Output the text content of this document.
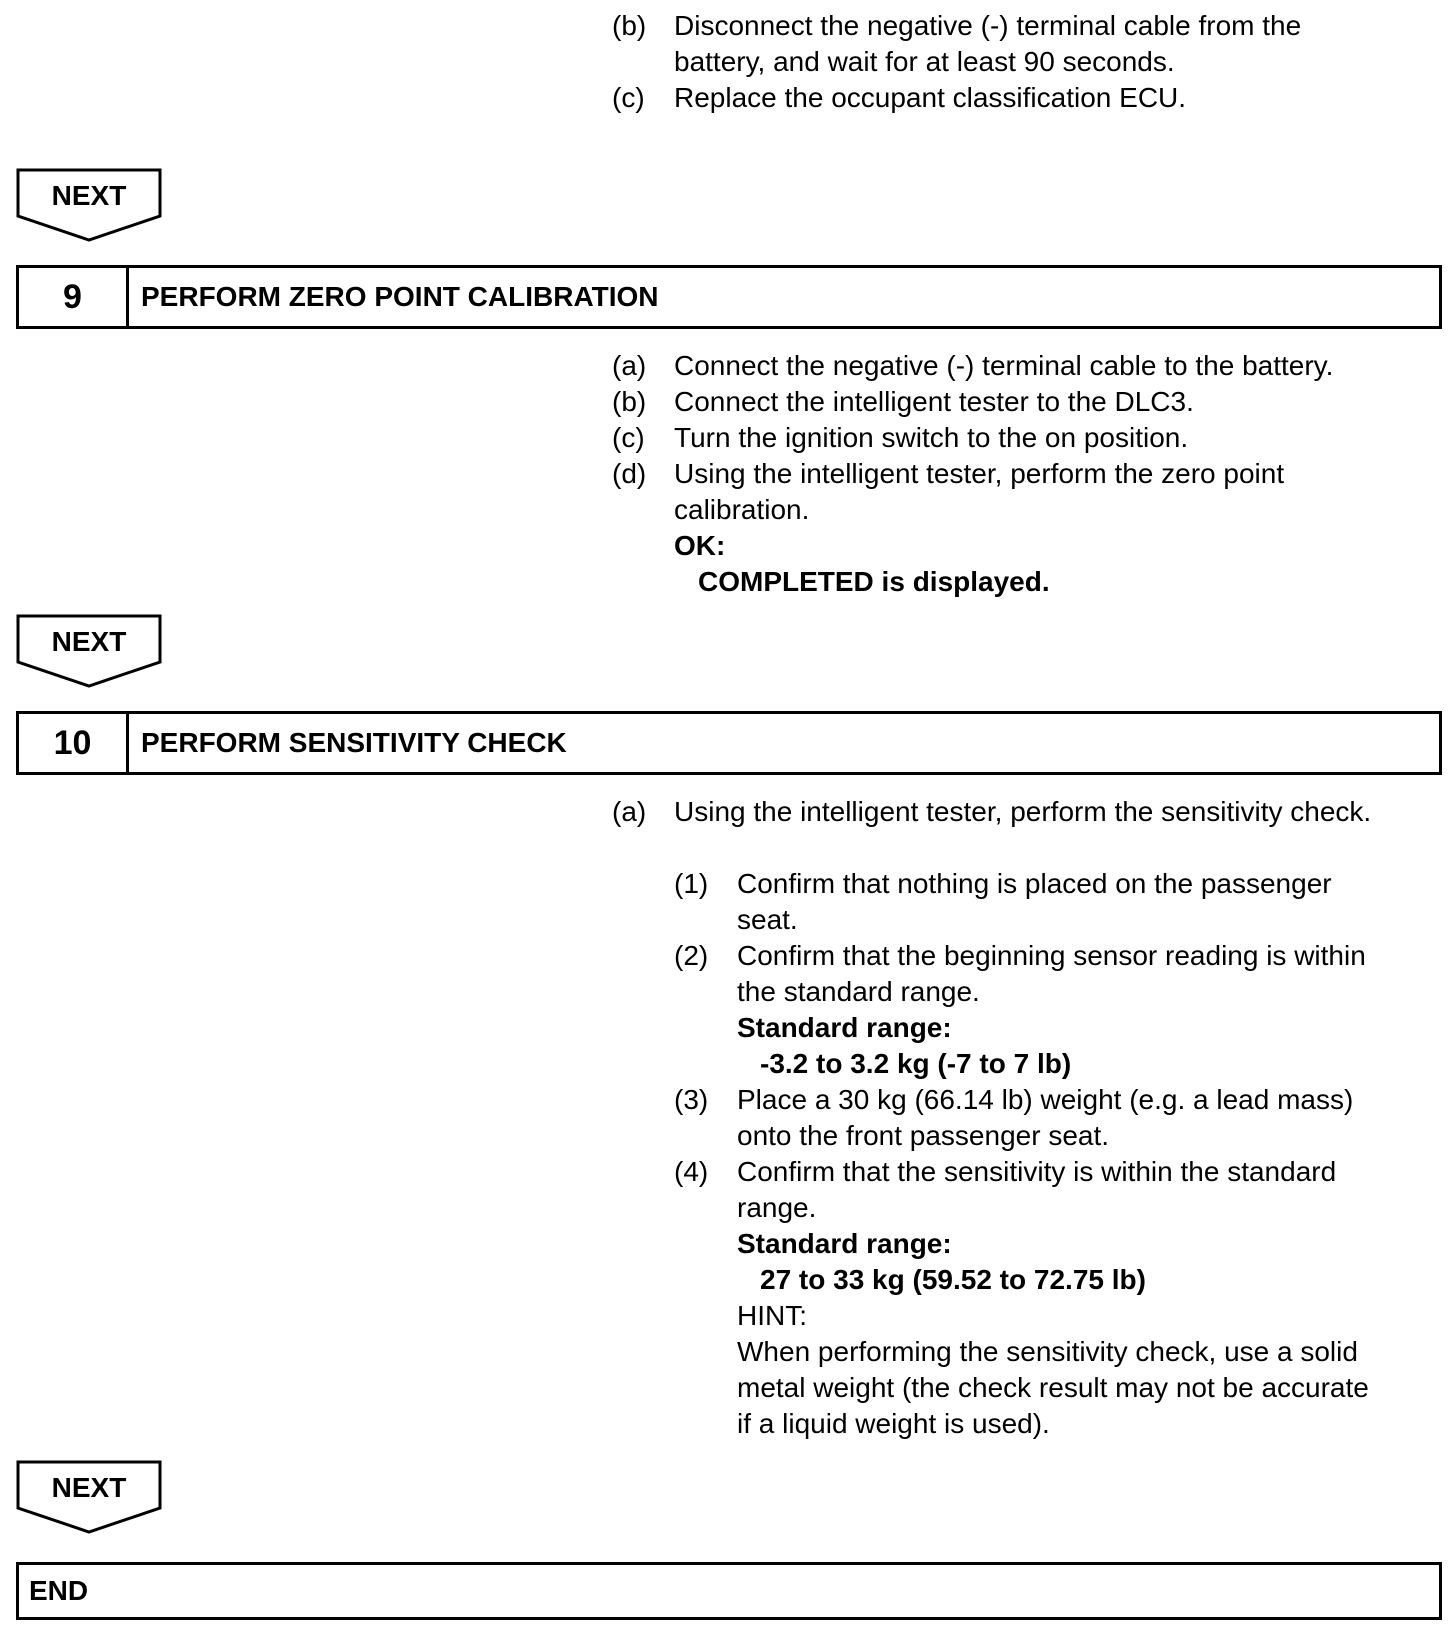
(b) Disconnect the negative (-) terminal cable from the
battery, and wait for at least 90 seconds.
(c) Replace the occupant classification ECU.
NEXT
9	PERFORM ZERO POINT CALIBRATION
(a) Connect the negative (-) terminal cable to the battery.
(b) Connect the intelligent tester to the DLC3.
(c) Turn the ignition switch to the on position.
(d) Using the intelligent tester, perform the zero point
calibration.
OK:
COMPLETED is displayed.
NEXT
10	PERFORM SENSITIVITY CHECK
(a) Using the intelligent tester, perform the sensitivity check.
(1) Confirm that nothing is placed on the passenger
seat.
(2) Confirm that the beginning sensor reading is within
the standard range.
Standard range:
-3.2 to 3.2 kg (-7 to 7 lb)
(3) Place a 30 kg (66.14 lb) weight (e.g. a lead mass)
onto the front passenger seat.
(4) Confirm that the sensitivity is within the standard
range.
Standard range:
27 to 33 kg (59.52 to 72.75 lb)
HINT:
When performing the sensitivity check, use a solid
metal weight (the check result may not be accurate
if a liquid weight is used).
NEXT
END
